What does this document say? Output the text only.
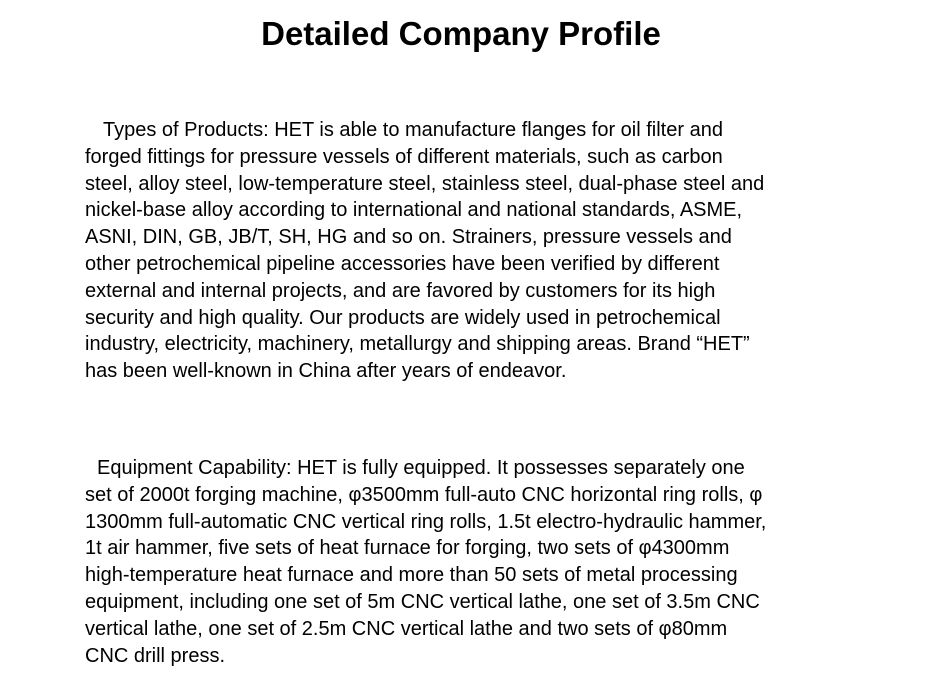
Detailed Company Profile

Types of Products: HET is able to manufacture flanges for oil filter and
forged fittings for pressure vessels of different materials, such as carbon
steel, alloy steel, low-temperature steel, stainless steel, dual-phase steel and
nickel-base alloy according to international and national standards, ASME,
ASNI, DIN, GB, JB/T, SH, HG and so on. Strainers, pressure vessels and
other petrochemical pipeline accessories have been verified by different
external and internal projects, and are favored by customers for its high
security and high quality. Our products are widely used in petrochemical
industry, electricity, machinery, metallurgy and shipping areas. Brand “HET”
has been well-known in China after years of endeavor.

Equipment Capability: HET is fully equipped. It possesses separately one
set of 2000t forging machine, φ3500mm full-auto CNC horizontal ring rolls, φ
1300mm full-automatic CNC vertical ring rolls, 1.5t electro-hydraulic hammer,
1t air hammer, five sets of heat furnace for forging, two sets of φ4300mm
high-temperature heat furnace and more than 50 sets of metal processing
equipment, including one set of 5m CNC vertical lathe, one set of 3.5m CNC
vertical lathe, one set of 2.5m CNC vertical lathe and two sets of φ80mm
CNC drill press.
